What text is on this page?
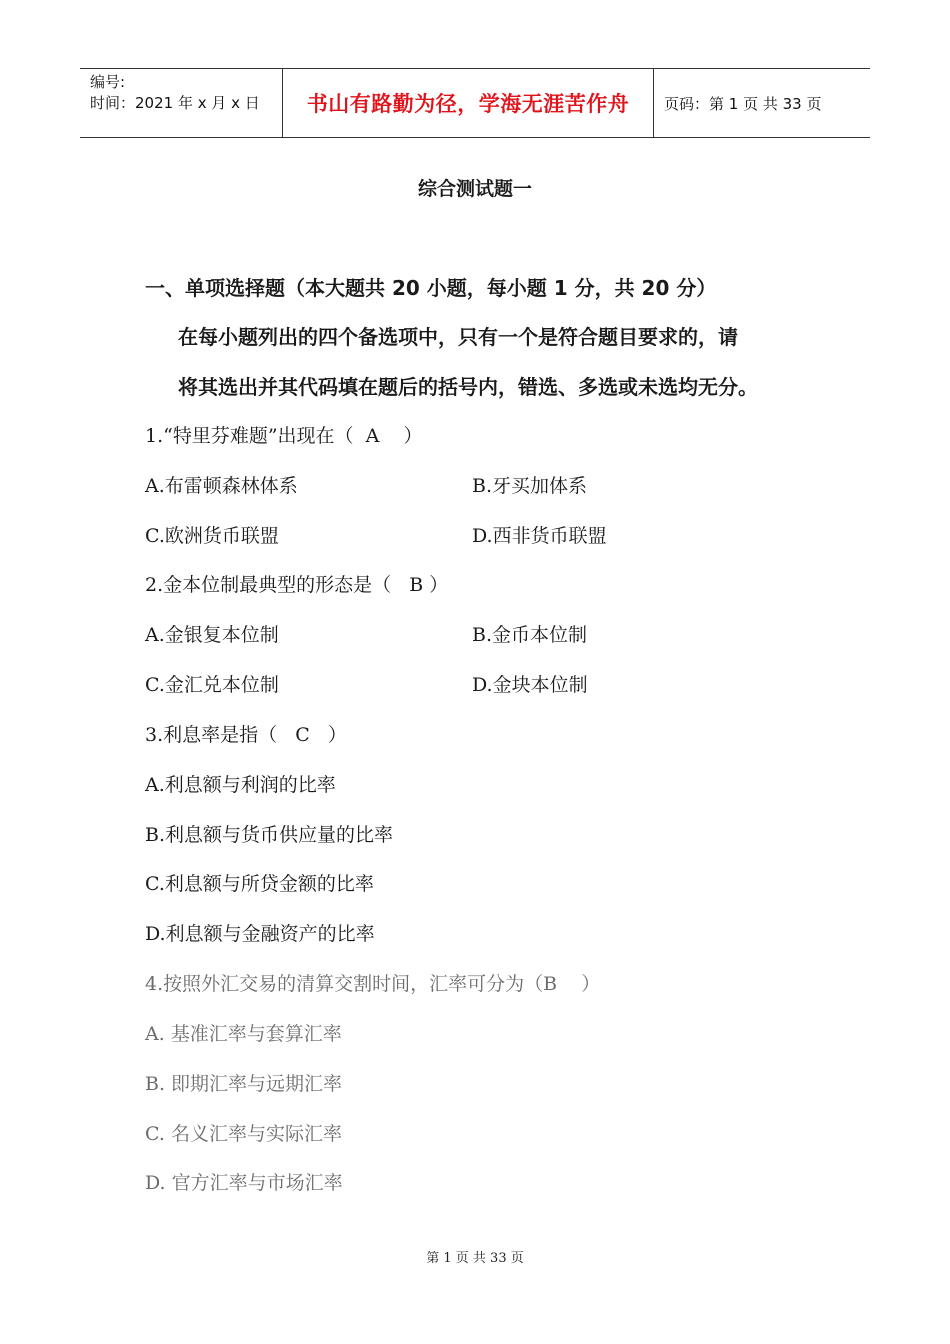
编号:
时间：2021 年 x 月 x 日	书山有路勤为径，学海无涯苦作舟	页码：第 1 页 共 33 页
综合测试题一
一、单项选择题（本大题共 20 小题，每小题 1 分，共 20 分）
在每小题列出的四个备选项中，只有一个是符合题目要求的，请
将其选出并其代码填在题后的括号内，错选、多选或未选均无分。
1.“特里芬难题”出现在（  A    ）
A.布雷顿森林体系	B.牙买加体系
C.欧洲货币联盟	D.西非货币联盟
2.金本位制最典型的形态是（   B ）
A.金银复本位制	B.金币本位制
C.金汇兑本位制	D.金块本位制
3.利息率是指（   C   ）
A.利息额与利润的比率
B.利息额与货币供应量的比率
C.利息额与所贷金额的比率
D.利息额与金融资产的比率
4.按照外汇交易的清算交割时间，汇率可分为（B    ）
A. 基准汇率与套算汇率
B. 即期汇率与远期汇率
C. 名义汇率与实际汇率
D. 官方汇率与市场汇率
第 1 页 共 33 页
